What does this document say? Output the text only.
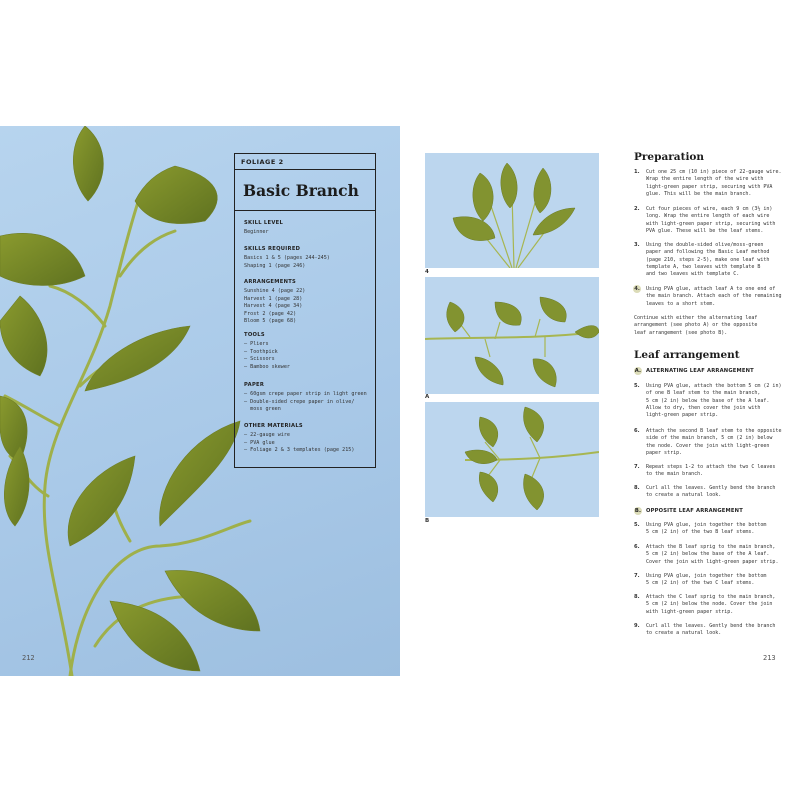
FOLIAGE 2
Basic Branch
SKILL LEVEL
Beginner
SKILLS REQUIRED
Basics 1 & 5 (pages 244-245)
Shaping 1 (page 246)
ARRANGEMENTS
Sunshine 4 (page 22)
Harvest 1 (page 28)
Harvest 4 (page 34)
Frost 2 (page 42)
Bloom 5 (page 68)
TOOLS
– Pliers
– Toothpick
– Scissors
– Bamboo skewer
PAPER
– 60gsm crepe paper strip in light green
– Double-sided crepe paper in olive/
moss green
OTHER MATERIALS
– 22-gauge wire
– PVA glue
– Foliage 2 & 3 templates (page 215)
212
4
A
B
Preparation
1. Cut one 25 cm (10 in) piece of 22-gauge wire.
Wrap the entire length of the wire with
light-green paper strip, securing with PVA
glue. This will be the main branch.
2. Cut four pieces of wire, each 9 cm (3½ in)
long. Wrap the entire length of each wire
with light-green paper strip, securing with
PVA glue. These will be the leaf stems.
3. Using the double-sided olive/moss-green
paper and following the Basic Leaf method
(page 210, steps 2-5), make one leaf with
template A, two leaves with template B
and two leaves with template C.
4. Using PVA glue, attach leaf A to one end of
the main branch. Attach each of the remaining
leaves to a short stem.
Continue with either the alternating leaf
arrangement (see photo A) or the opposite
leaf arrangement (see photo B).
Leaf arrangement
A. ALTERNATING LEAF ARRANGEMENT
5. Using PVA glue, attach the bottom 5 cm (2 in)
of one B leaf stem to the main branch,
5 cm (2 in) below the base of the A leaf.
Allow to dry, then cover the join with
light-green paper strip.
6. Attach the second B leaf stem to the opposite
side of the main branch, 5 cm (2 in) below
the node. Cover the join with light-green
paper strip.
7. Repeat steps 1-2 to attach the two C leaves
to the main branch.
8. Curl all the leaves. Gently bend the branch
to create a natural look.
B. OPPOSITE LEAF ARRANGEMENT
5. Using PVA glue, join together the bottom
5 cm (2 in) of the two B leaf stems.
6. Attach the B leaf sprig to the main branch,
5 cm (2 in) below the base of the A leaf.
Cover the join with light-green paper strip.
7. Using PVA glue, join together the bottom
5 cm (2 in) of the two C leaf stems.
8. Attach the C leaf sprig to the main branch,
5 cm (2 in) below the node. Cover the join
with light-green paper strip.
9. Curl all the leaves. Gently bend the branch
to create a natural look.
213
